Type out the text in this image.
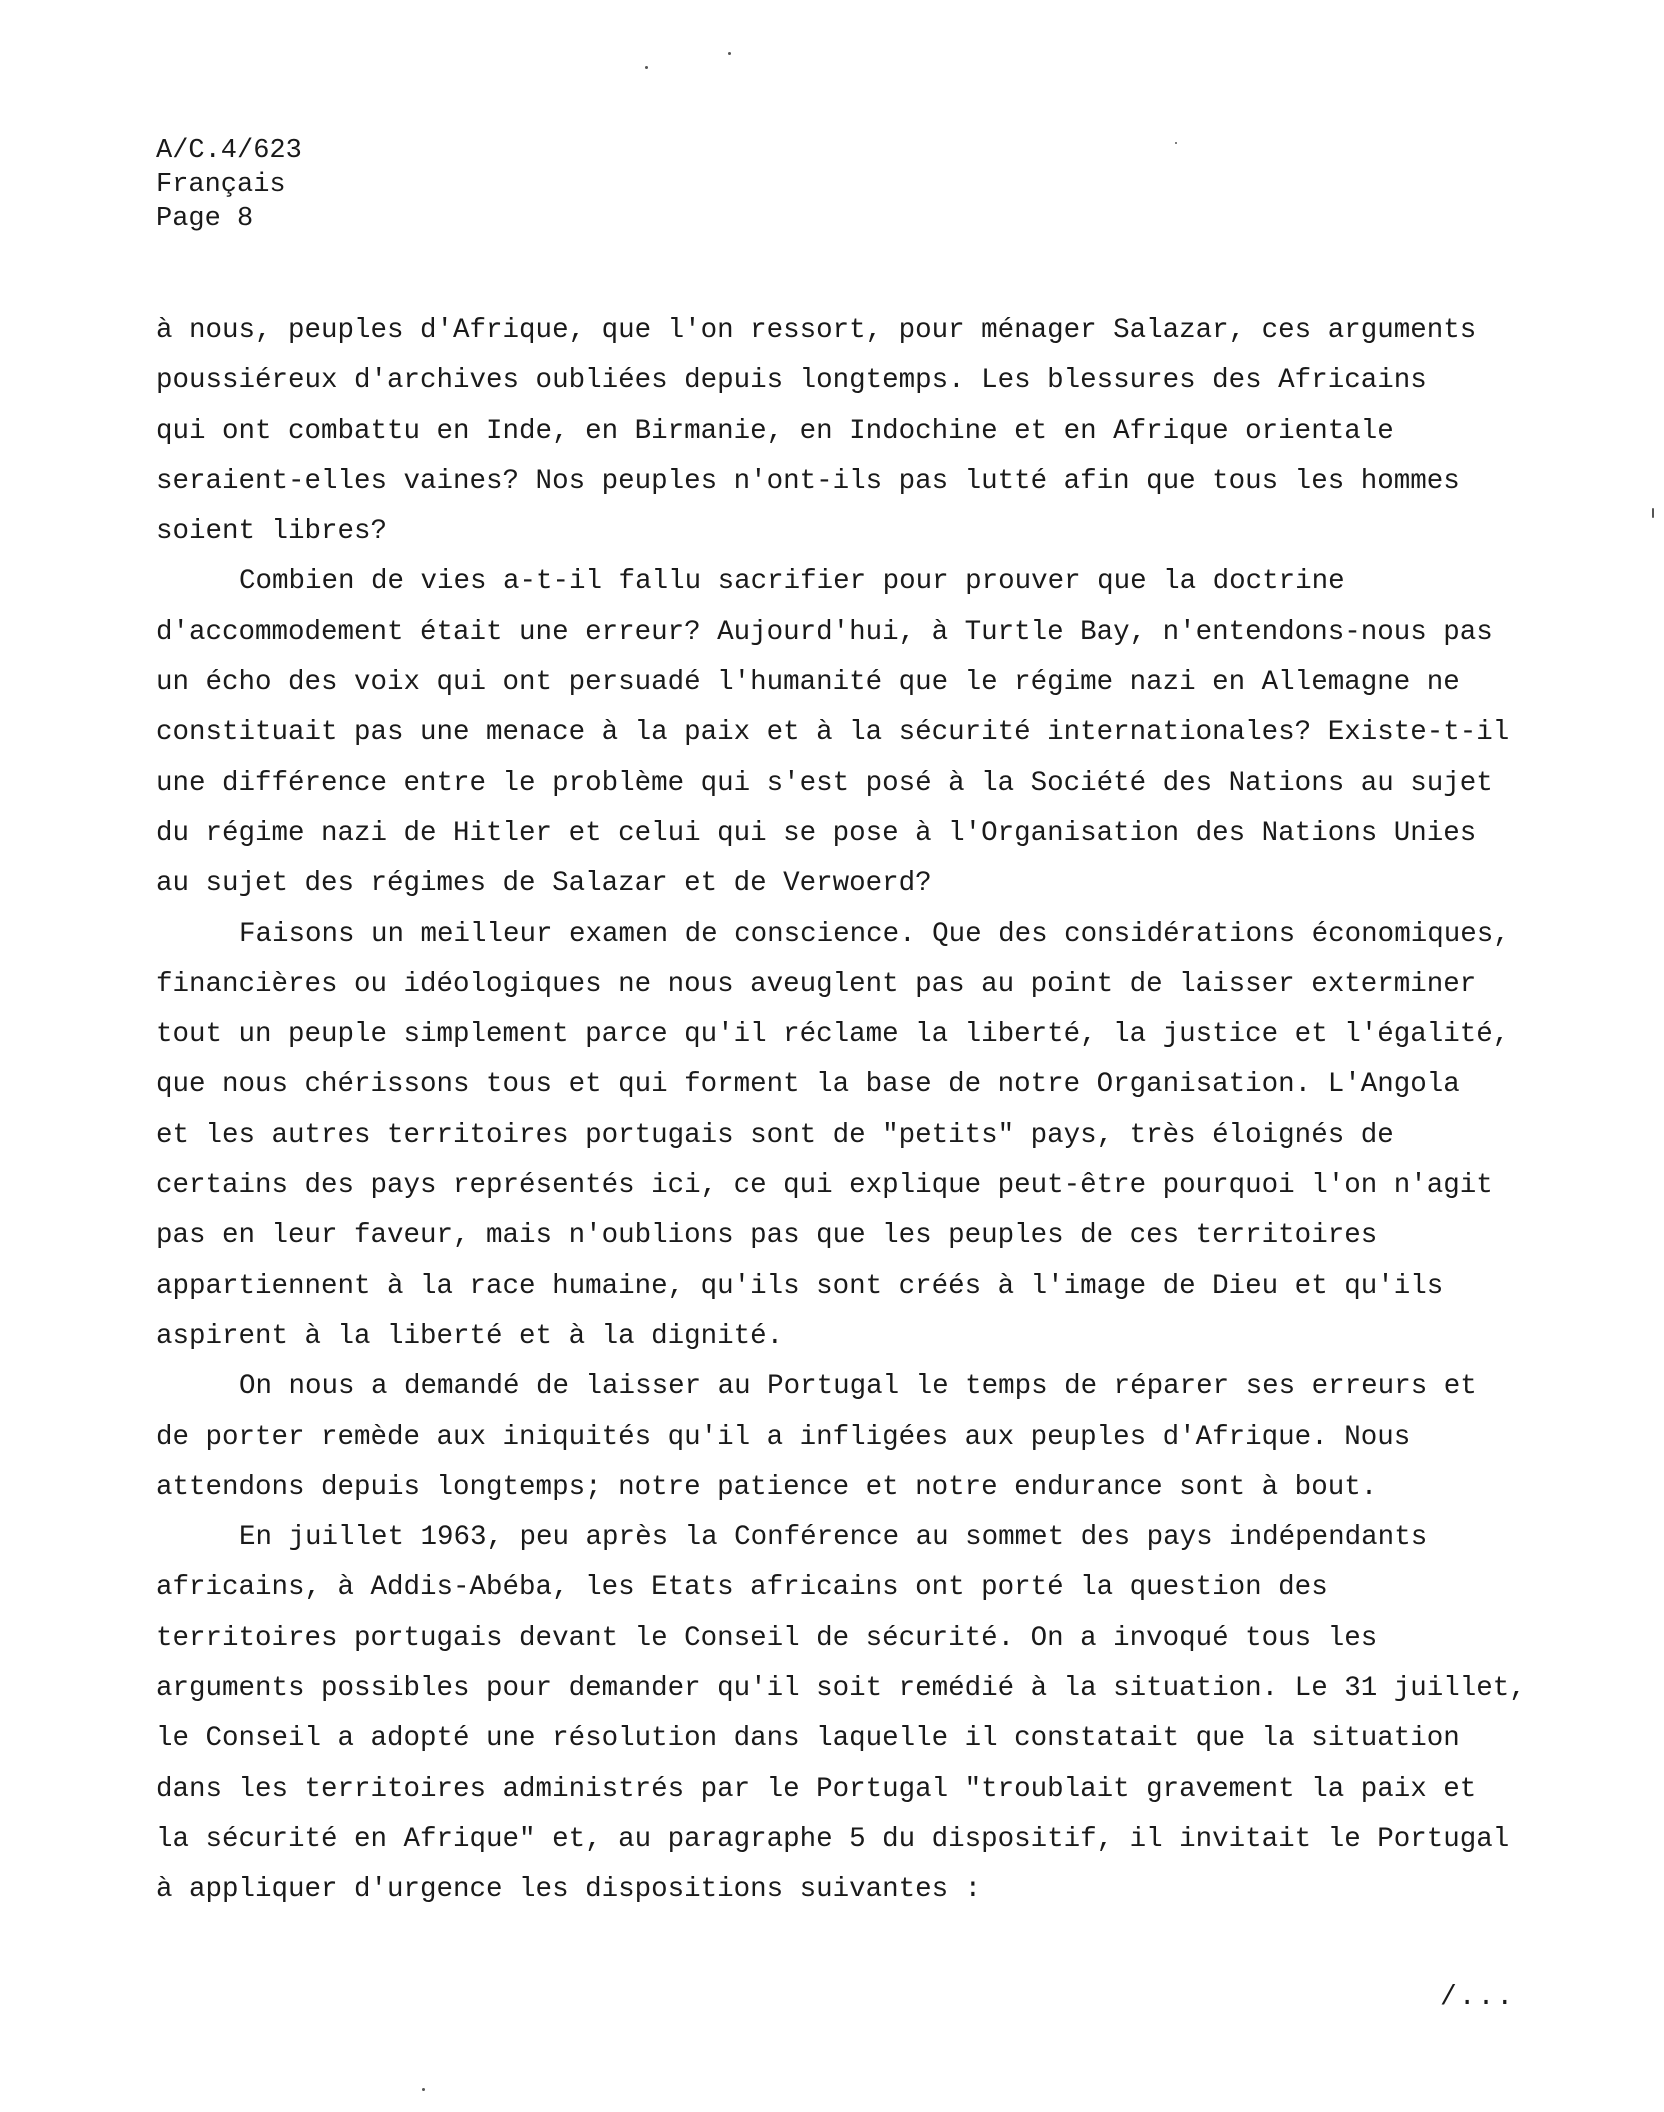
A/C.4/623
Français
Page 8
à nous, peuples d'Afrique, que l'on ressort, pour ménager Salazar, ces arguments
poussiéreux d'archives oubliées depuis longtemps. Les blessures des Africains
qui ont combattu en Inde, en Birmanie, en Indochine et en Afrique orientale
seraient-elles vaines? Nos peuples n'ont-ils pas lutté afin que tous les hommes
soient libres?
Combien de vies a-t-il fallu sacrifier pour prouver que la doctrine
d'accommodement était une erreur? Aujourd'hui, à Turtle Bay, n'entendons-nous pas
un écho des voix qui ont persuadé l'humanité que le régime nazi en Allemagne ne
constituait pas une menace à la paix et à la sécurité internationales? Existe-t-il
une différence entre le problème qui s'est posé à la Société des Nations au sujet
du régime nazi de Hitler et celui qui se pose à l'Organisation des Nations Unies
au sujet des régimes de Salazar et de Verwoerd?
Faisons un meilleur examen de conscience. Que des considérations économiques,
financières ou idéologiques ne nous aveuglent pas au point de laisser exterminer
tout un peuple simplement parce qu'il réclame la liberté, la justice et l'égalité,
que nous chérissons tous et qui forment la base de notre Organisation. L'Angola
et les autres territoires portugais sont de "petits" pays, très éloignés de
certains des pays représentés ici, ce qui explique peut-être pourquoi l'on n'agit
pas en leur faveur, mais n'oublions pas que les peuples de ces territoires
appartiennent à la race humaine, qu'ils sont créés à l'image de Dieu et qu'ils
aspirent à la liberté et à la dignité.
On nous a demandé de laisser au Portugal le temps de réparer ses erreurs et
de porter remède aux iniquités qu'il a infligées aux peuples d'Afrique. Nous
attendons depuis longtemps; notre patience et notre endurance sont à bout.
En juillet 1963, peu après la Conférence au sommet des pays indépendants
africains, à Addis-Abéba, les Etats africains ont porté la question des
territoires portugais devant le Conseil de sécurité. On a invoqué tous les
arguments possibles pour demander qu'il soit remédié à la situation. Le 31 juillet,
le Conseil a adopté une résolution dans laquelle il constatait que la situation
dans les territoires administrés par le Portugal "troublait gravement la paix et
la sécurité en Afrique" et, au paragraphe 5 du dispositif, il invitait le Portugal
à appliquer d'urgence les dispositions suivantes :
/...
